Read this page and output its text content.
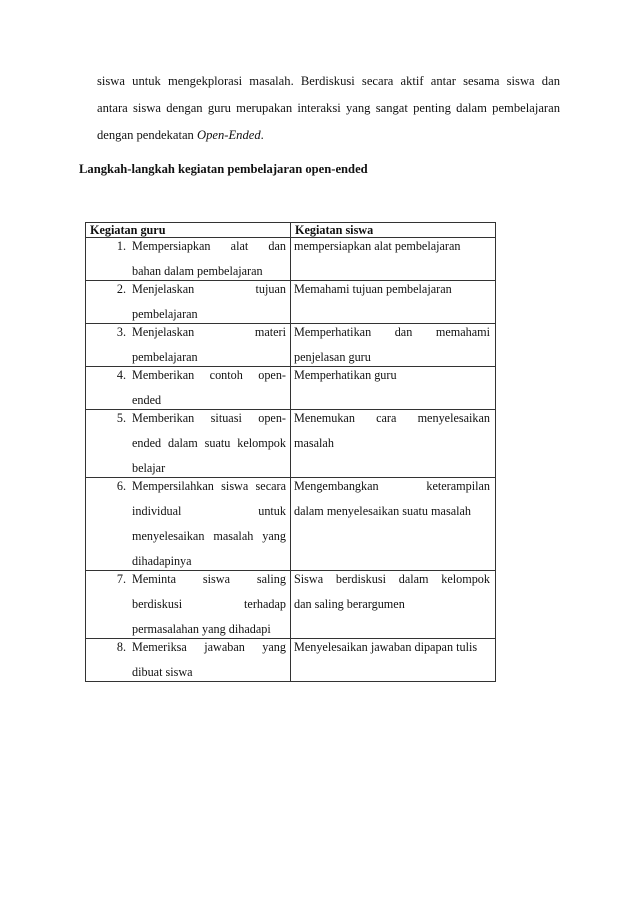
siswa untuk mengekplorasi masalah. Berdiskusi secara aktif antar sesama siswa dan
antara siswa dengan guru merupakan interaksi yang sangat penting dalam pembelajaran
dengan pendekatan Open-Ended.
Langkah-langkah kegiatan pembelajaran open-ended
Kegiatan guru	Kegiatan siswa

1. Mempersiapkan alat dan
bahan dalam pembelajaran	mempersiapkan alat pembelajaran

2. Menjelaskan tujuan
pembelajaran	Memahami tujuan pembelajaran

3. Menjelaskan materi
pembelajaran	Memperhatikan dan memahami
penjelasan guru

4. Memberikan contoh open-
ended	Memperhatikan guru

5. Memberikan situasi open-
ended dalam suatu kelompok
belajar	Menemukan cara menyelesaikan
masalah

6. Mempersilahkan siswa secara
individual untuk
menyelesaikan masalah yang
dihadapinya	Mengembangkan keterampilan
dalam menyelesaikan suatu masalah

7. Meminta siswa saling
berdiskusi terhadap
permasalahan yang dihadapi	Siswa berdiskusi dalam kelompok
dan saling berargumen

8. Memeriksa jawaban yang
dibuat siswa	Menyelesaikan jawaban dipapan tulis
